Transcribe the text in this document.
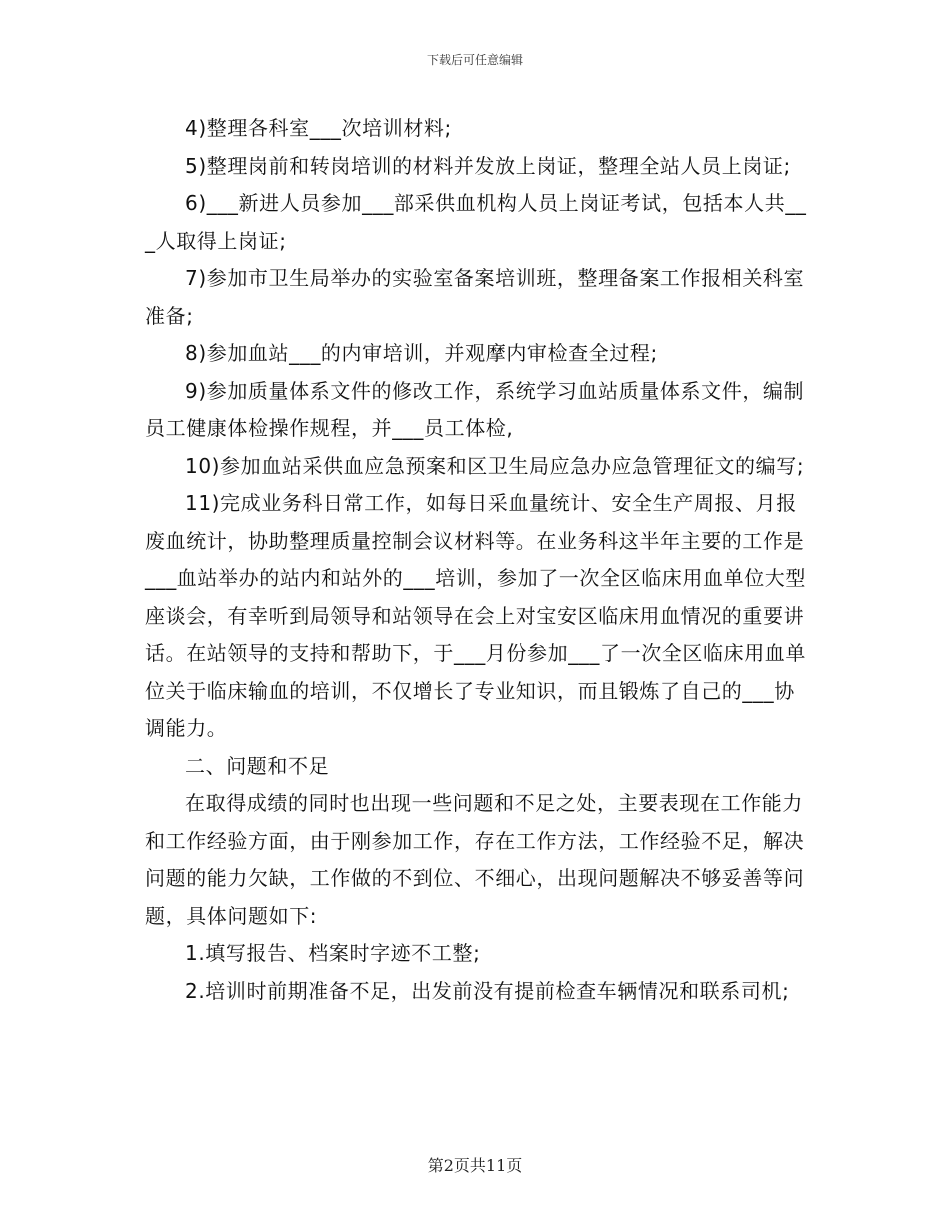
下载后可任意编辑

4)整理各科室___次培训材料;

5)整理岗前和转岗培训的材料并发放上岗证，整理全站人员上岗证;

6)___新进人员参加___部采供血机构人员上岗证考试，包括本人共___人取得上岗证;

7)参加市卫生局举办的实验室备案培训班，整理备案工作报相关科室准备;

8)参加血站___的内审培训，并观摩内审检查全过程;

9)参加质量体系文件的修改工作，系统学习血站质量体系文件，编制员工健康体检操作规程，并___员工体检,

10)参加血站采供血应急预案和区卫生局应急办应急管理征文的编写;

11)完成业务科日常工作，如每日采血量统计、安全生产周报、月报废血统计，协助整理质量控制会议材料等。在业务科这半年主要的工作是___血站举办的站内和站外的___培训，参加了一次全区临床用血单位大型座谈会，有幸听到局领导和站领导在会上对宝安区临床用血情况的重要讲话。在站领导的支持和帮助下，于___月份参加___了一次全区临床用血单位关于临床输血的培训，不仅增长了专业知识，而且锻炼了自己的___协调能力。

二、问题和不足

在取得成绩的同时也出现一些问题和不足之处，主要表现在工作能力和工作经验方面，由于刚参加工作，存在工作方法，工作经验不足，解决问题的能力欠缺，工作做的不到位、不细心，出现问题解决不够妥善等问题，具体问题如下:

1.填写报告、档案时字迹不工整;

2.培训时前期准备不足，出发前没有提前检查车辆情况和联系司机;

第2页共11页
